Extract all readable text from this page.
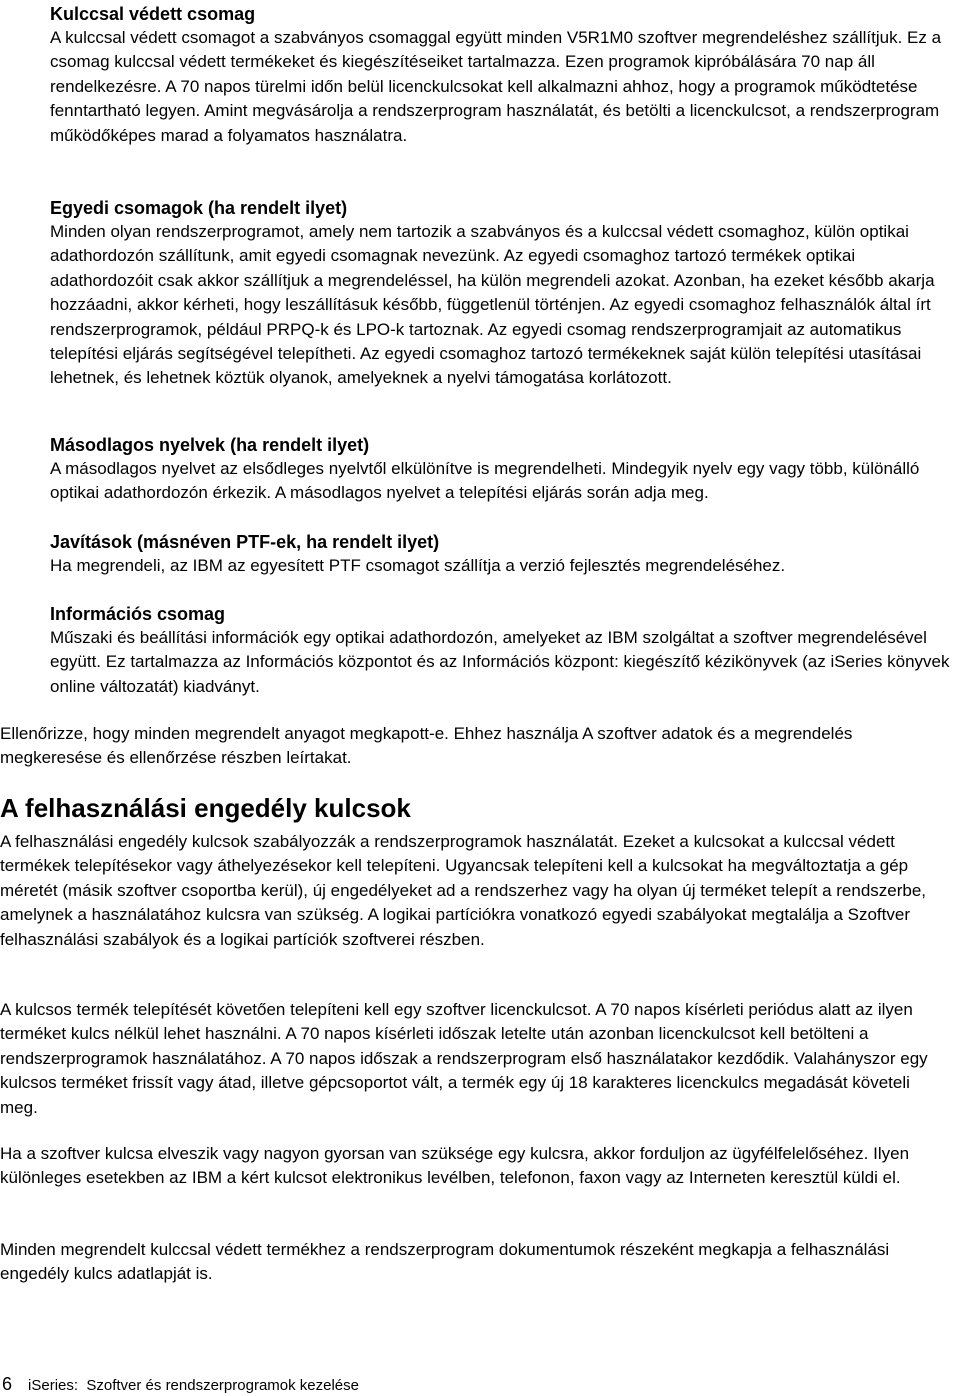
Kulccsal védett csomag

A kulccsal védett csomagot a szabványos csomaggal együtt minden V5R1M0 szoftver megrendeléshez szállítjuk. Ez a csomag kulccsal védett termékeket és kiegészítéseiket tartalmazza. Ezen programok kipróbálására 70 nap áll rendelkezésre. A 70 napos türelmi időn belül licenckulcsokat kell alkalmazni ahhoz, hogy a programok működtetése fenntartható legyen. Amint megvásárolja a rendszerprogram használatát, és betölti a licenckulcsot, a rendszerprogram működőképes marad a folyamatos használatra.

Egyedi csomagok (ha rendelt ilyet)

Minden olyan rendszerprogramot, amely nem tartozik a szabványos és a kulccsal védett csomaghoz, külön optikai adathordozón szállítunk, amit egyedi csomagnak nevezünk. Az egyedi csomaghoz tartozó termékek optikai adathordozóit csak akkor szállítjuk a megrendeléssel, ha külön megrendeli azokat. Azonban, ha ezeket később akarja hozzáadni, akkor kérheti, hogy leszállításuk később, függetlenül történjen. Az egyedi csomaghoz felhasználók által írt rendszerprogramok, például PRPQ-k és LPO-k tartoznak. Az egyedi csomag rendszerprogramjait az automatikus telepítési eljárás segítségével telepítheti. Az egyedi csomaghoz tartozó termékeknek saját külön telepítési utasításai lehetnek, és lehetnek köztük olyanok, amelyeknek a nyelvi támogatása korlátozott.

Másodlagos nyelvek (ha rendelt ilyet)

A másodlagos nyelvet az elsődleges nyelvtől elkülönítve is megrendelheti. Mindegyik nyelv egy vagy több, különálló optikai adathordozón érkezik. A másodlagos nyelvet a telepítési eljárás során adja meg.

Javítások (másnéven PTF-ek, ha rendelt ilyet)

Ha megrendeli, az IBM az egyesített PTF csomagot szállítja a verzió fejlesztés megrendeléséhez.

Információs csomag

Műszaki és beállítási információk egy optikai adathordozón, amelyeket az IBM szolgáltat a szoftver megrendelésével együtt. Ez tartalmazza az Információs központot és az Információs központ: kiegészítő kézikönyvek (az iSeries könyvek online változatát) kiadványt.

Ellenőrizze, hogy minden megrendelt anyagot megkapott-e. Ehhez használja A szoftver adatok és a megrendelés megkeresése és ellenőrzése részben leírtakat.

A felhasználási engedély kulcsok

A felhasználási engedély kulcsok szabályozzák a rendszerprogramok használatát. Ezeket a kulcsokat a kulccsal védett termékek telepítésekor vagy áthelyezésekor kell telepíteni. Ugyancsak telepíteni kell a kulcsokat ha megváltoztatja a gép méretét (másik szoftver csoportba kerül), új engedélyeket ad a rendszerhez vagy ha olyan új terméket telepít a rendszerbe, amelynek a használatához kulcsra van szükség. A logikai partíciókra vonatkozó egyedi szabályokat megtalálja a Szoftver felhasználási szabályok és a logikai partíciók szoftverei részben.

A kulcsos termék telepítését követően telepíteni kell egy szoftver licenckulcsot. A 70 napos kísérleti periódus alatt az ilyen terméket kulcs nélkül lehet használni. A 70 napos kísérleti időszak letelte után azonban licenckulcsot kell betölteni a rendszerprogramok használatához. A 70 napos időszak a rendszerprogram első használatakor kezdődik. Valahányszor egy kulcsos terméket frissít vagy átad, illetve gépcsoportot vált, a termék egy új 18 karakteres licenckulcs megadását követeli meg.

Ha a szoftver kulcsa elveszik vagy nagyon gyorsan van szüksége egy kulcsra, akkor forduljon az ügyfélfelelőséhez. Ilyen különleges esetekben az IBM a kért kulcsot elektronikus levélben, telefonon, faxon vagy az Interneten keresztül küldi el.

Minden megrendelt kulccsal védett termékhez a rendszerprogram dokumentumok részeként megkapja a felhasználási engedély kulcs adatlapját is.

6 iSeries:  Szoftver és rendszerprogramok kezelése
